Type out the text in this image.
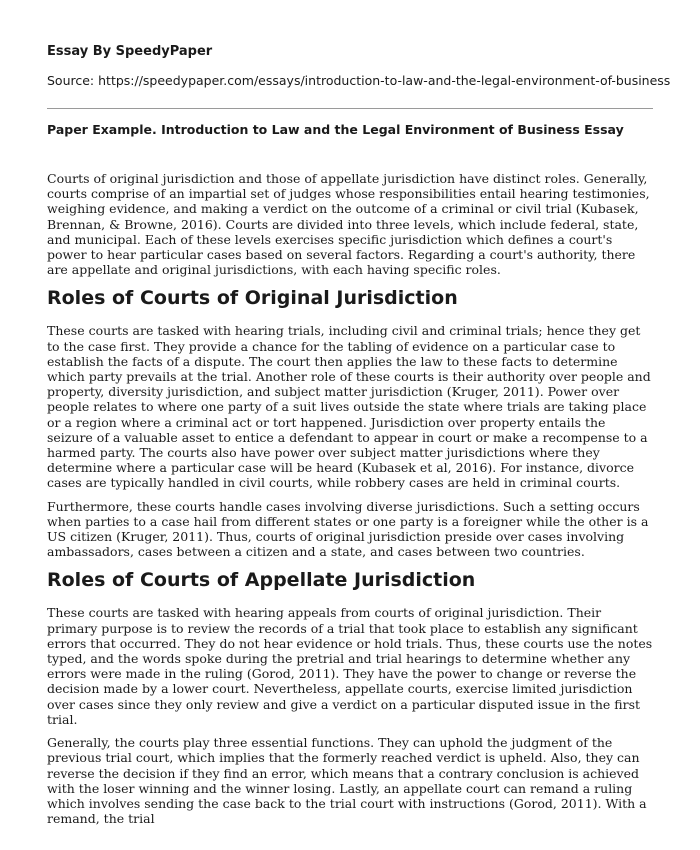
Essay By SpeedyPaper
Source: https://speedypaper.com/essays/introduction-to-law-and-the-legal-environment-of-business
Paper Example. Introduction to Law and the Legal Environment of Business Essay

Courts of original jurisdiction and those of appellate jurisdiction have distinct roles. Generally, courts comprise of an impartial set of judges whose responsibilities entail hearing testimonies, weighing evidence, and making a verdict on the outcome of a criminal or civil trial (Kubasek, Brennan, & Browne, 2016). Courts are divided into three levels, which include federal, state, and municipal. Each of these levels exercises specific jurisdiction which defines a court's power to hear particular cases based on several factors. Regarding a court's authority, there are appellate and original jurisdictions, with each having specific roles.

Roles of Courts of Original Jurisdiction

These courts are tasked with hearing trials, including civil and criminal trials; hence they get to the case first. They provide a chance for the tabling of evidence on a particular case to establish the facts of a dispute. The court then applies the law to these facts to determine which party prevails at the trial. Another role of these courts is their authority over people and property, diversity jurisdiction, and subject matter jurisdiction (Kruger, 2011). Power over people relates to where one party of a suit lives outside the state where trials are taking place or a region where a criminal act or tort happened. Jurisdiction over property entails the seizure of a valuable asset to entice a defendant to appear in court or make a recompense to a harmed party. The courts also have power over subject matter jurisdictions where they determine where a particular case will be heard (Kubasek et al, 2016). For instance, divorce cases are typically handled in civil courts, while robbery cases are held in criminal courts.

Furthermore, these courts handle cases involving diverse jurisdictions. Such a setting occurs when parties to a case hail from different states or one party is a foreigner while the other is a US citizen (Kruger, 2011). Thus, courts of original jurisdiction preside over cases involving ambassadors, cases between a citizen and a state, and cases between two countries.

Roles of Courts of Appellate Jurisdiction

These courts are tasked with hearing appeals from courts of original jurisdiction. Their primary purpose is to review the records of a trial that took place to establish any significant errors that occurred. They do not hear evidence or hold trials. Thus, these courts use the notes typed, and the words spoke during the pretrial and trial hearings to determine whether any errors were made in the ruling (Gorod, 2011). They have the power to change or reverse the decision made by a lower court. Nevertheless, appellate courts, exercise limited jurisdiction over cases since they only review and give a verdict on a particular disputed issue in the first trial.

Generally, the courts play three essential functions. They can uphold the judgment of the previous trial court, which implies that the formerly reached verdict is upheld. Also, they can reverse the decision if they find an error, which means that a contrary conclusion is achieved with the loser winning and the winner losing. Lastly, an appellate court can remand a ruling which involves sending the case back to the trial court with instructions (Gorod, 2011). With a remand, the trial
